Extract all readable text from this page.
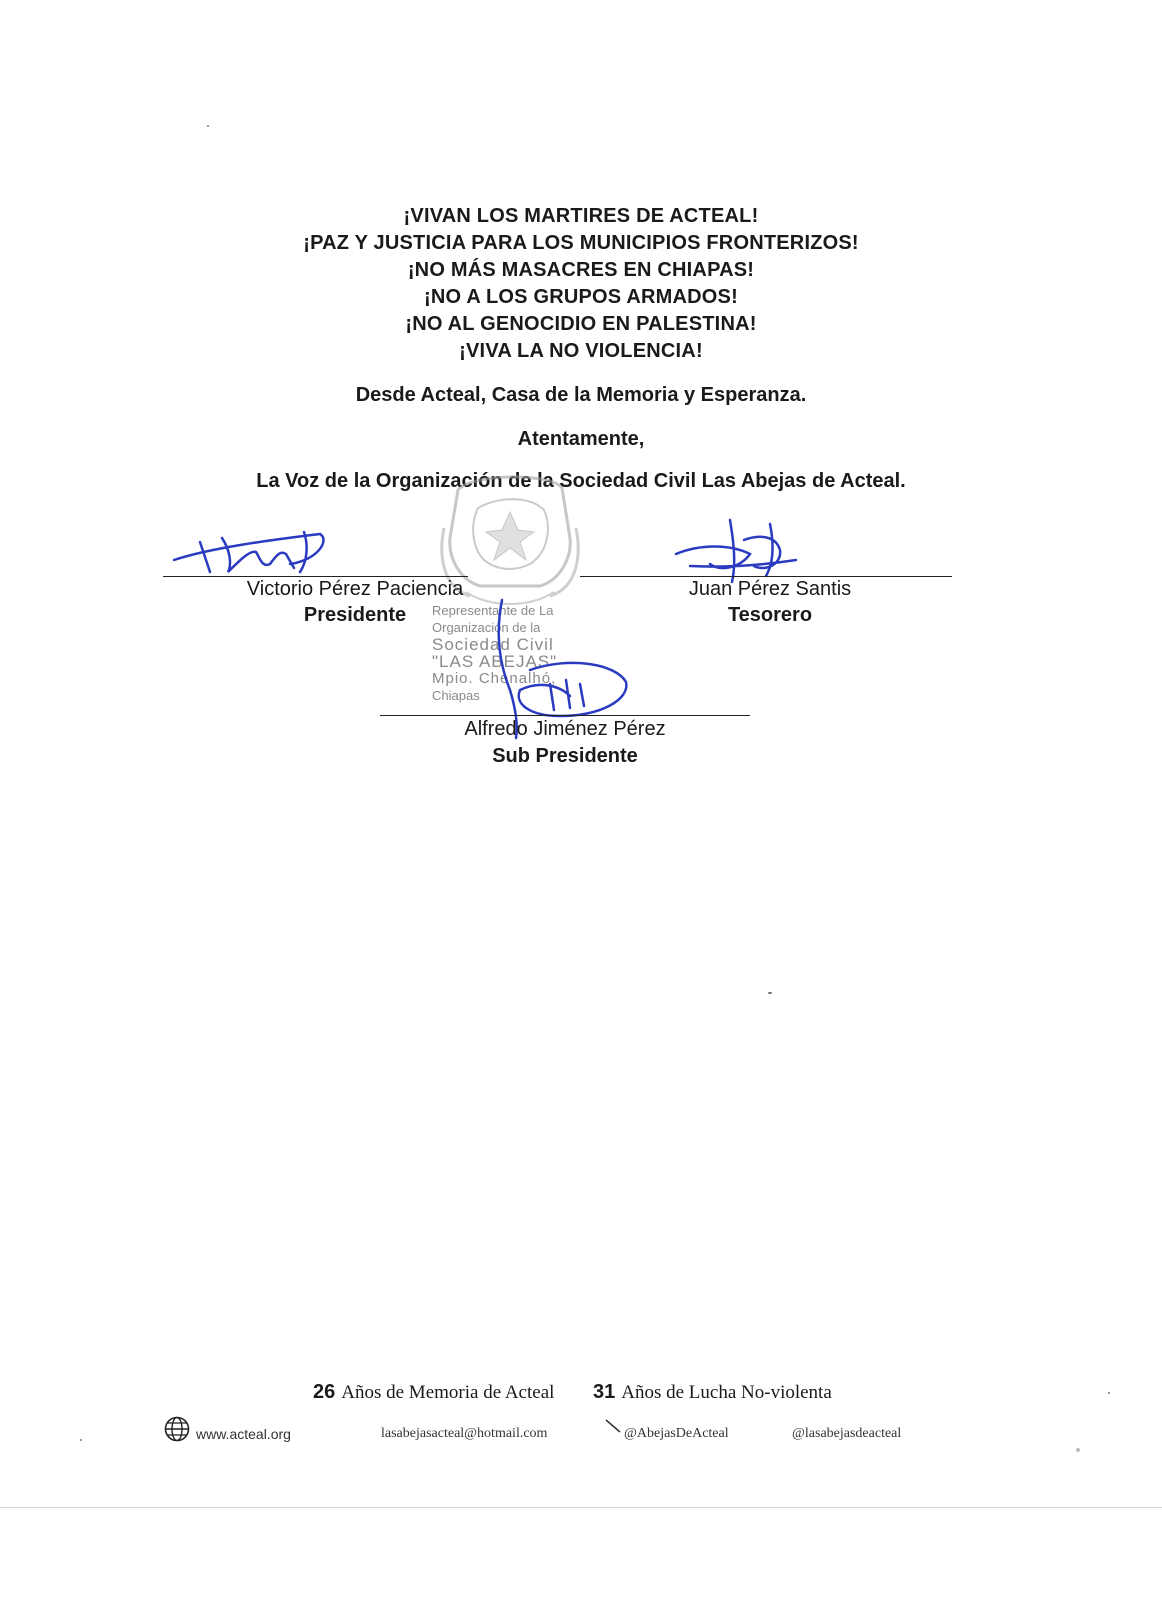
¡VIVAN LOS MARTIRES DE ACTEAL!
¡PAZ Y JUSTICIA PARA LOS MUNICIPIOS FRONTERIZOS!
¡NO MÁS MASACRES EN CHIAPAS!
¡NO A LOS GRUPOS ARMADOS!
¡NO AL GENOCIDIO EN PALESTINA!
¡VIVA LA NO VIOLENCIA!
Desde Acteal, Casa de la Memoria y Esperanza.
Atentamente,
La Voz de la Organización de la Sociedad Civil Las Abejas de Acteal.
Representante de La
Organización de la
Sociedad Civil
"LAS ABEJAS"
Mpio. Chenalhó,
Chiapas
Victorio Pérez Paciencia
Presidente
Juan Pérez Santis
Tesorero
Alfredo Jiménez Pérez
Sub Presidente
26 Años de Memoria de Acteal 31 Años de Lucha No-violenta
www.acteal.org	lasabejasacteal@hotmail.com	@AbejasDeActeal	@lasabejasdeacteal
